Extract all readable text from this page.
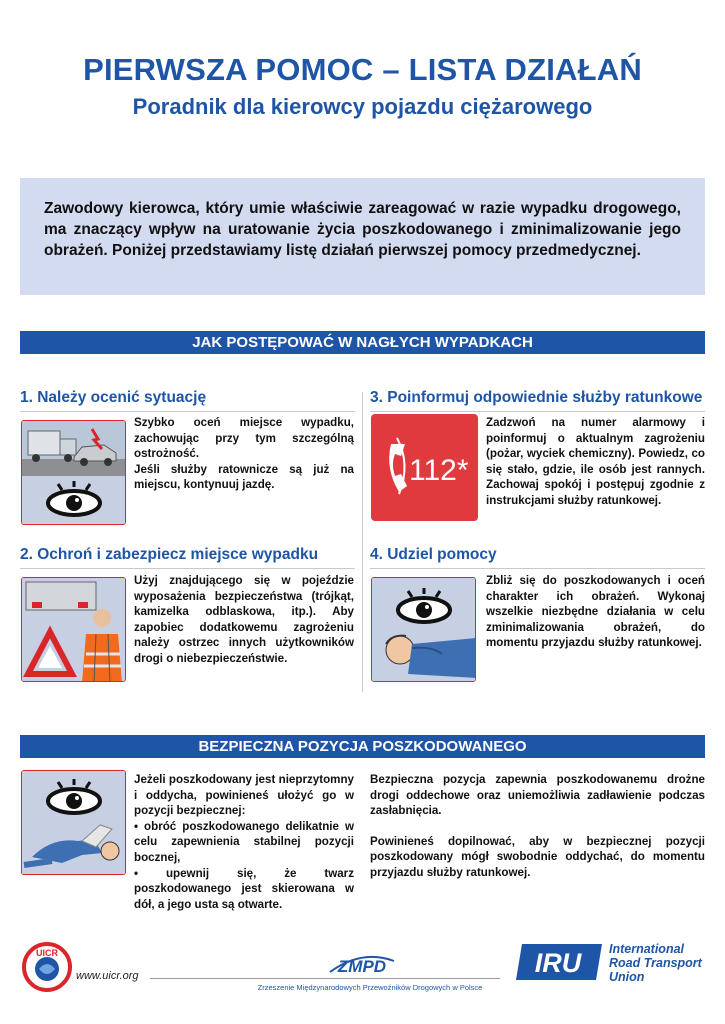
PIERWSZA POMOC – LISTA DZIAŁAŃ
Poradnik dla kierowcy pojazdu ciężarowego

Zawodowy kierowca, który umie właściwie zareagować w razie wypadku drogowego, ma znaczący wpływ na uratowanie życia poszkodowanego i zminimalizowanie jego obrażeń. Poniżej przedstawiamy listę działań pierwszej pomocy przedmedycznej.

JAK POSTĘPOWAĆ W NAGŁYCH WYPADKACH
1. Należy ocenić sytuację
Szybko oceń miejsce wypadku, zachowując przy tym szczególną ostrożność.
Jeśli służby ratownicze są już na miejscu, kontynuuj jazdę.
3. Poinformuj odpowiednie służby ratunkowe
112*
Zadzwoń na numer alarmowy i poinformuj o aktualnym zagrożeniu (pożar, wyciek chemiczny). Powiedz, co się stało, gdzie, ile osób jest rannych. Zachowaj spokój i postępuj zgodnie z instrukcjami służby ratunkowej.
2. Ochroń i zabezpiecz miejsce wypadku
Użyj znajdującego się w pojeździe wyposażenia bezpieczeństwa (trójkąt, kamizelka odblaskowa, itp.). Aby zapobiec dodatkowemu zagrożeniu należy ostrzec innych użytkowników drogi o niebezpieczeństwie.
4. Udziel pomocy
Zbliż się do poszkodowanych i oceń charakter ich obrażeń. Wykonaj wszelkie niezbędne działania w celu zminimalizowania obrażeń, do momentu przyjazdu służby ratunkowej.
BEZPIECZNA POZYCJA POSZKODOWANEGO
Jeżeli poszkodowany jest nieprzytomny i oddycha, powinieneś ułożyć go w pozycji bezpiecznej:
• obróć poszkodowanego delikatnie w celu zapewnienia stabilnej pozycji bocznej,
• upewnij się, że twarz poszkodowanego jest skierowana w dół, a jego usta są otwarte.
Bezpieczna pozycja zapewnia poszkodowanemu drożne drogi oddechowe oraz uniemożliwia zadławienie podczas zasłabnięcia.
Powinieneś dopilnować, aby w bezpiecznej pozycji poszkodowany mógł swobodnie oddychać, do momentu przyjazdu służby ratunkowej.
UICR
www.uicr.org	ZMPD
Zrzeszenie Międzynarodowych Przewoźników Drogowych w Polsce
IRU International
Road Transport
Union
